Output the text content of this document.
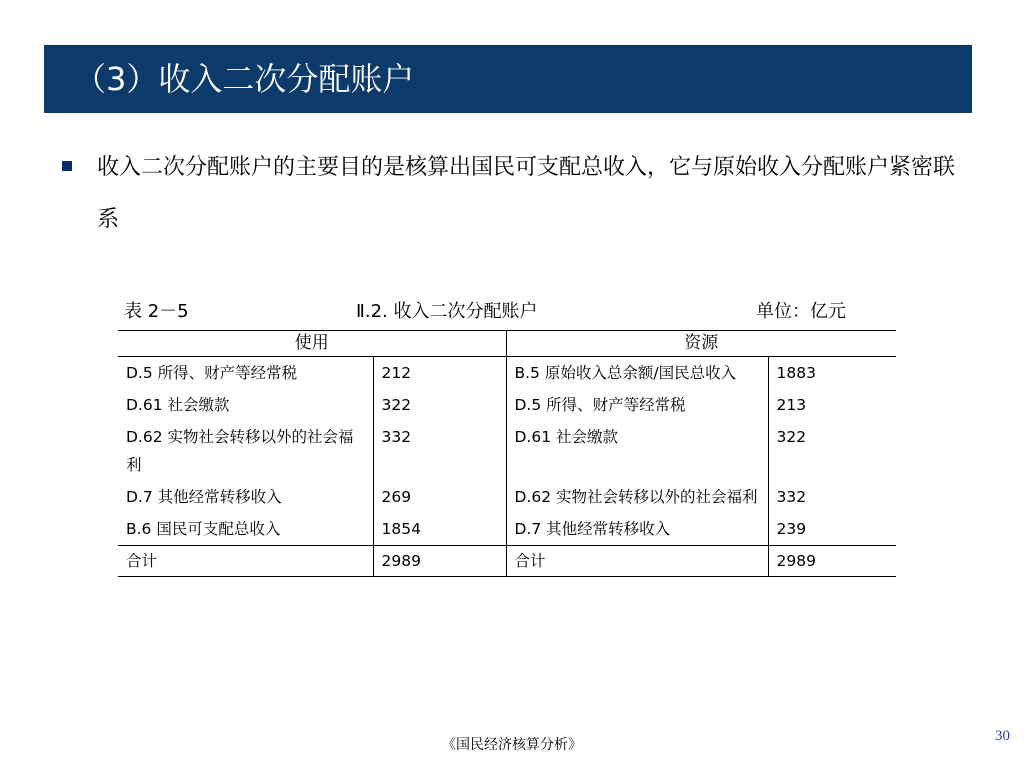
（3）收入二次分配账户
收入二次分配账户的主要目的是核算出国民可支配总收入，它与原始收入分配账户紧密联系
表 2－5	Ⅱ.2. 收入二次分配账户	单位：亿元
使用		资源	
D.5 所得、财产等经常税	212	B.5 原始收入总余额/国民总收入	1883
D.61 社会缴款	322	D.5 所得、财产等经常税	213
D.62 实物社会转移以外的社会福利	332	D.61 社会缴款	322
D.7 其他经常转移收入	269	D.62 实物社会转移以外的社会福利	332
B.6 国民可支配总收入	1854	D.7 其他经常转移收入	239
合计	2989	合计	2989
《国民经济核算分析》
30
